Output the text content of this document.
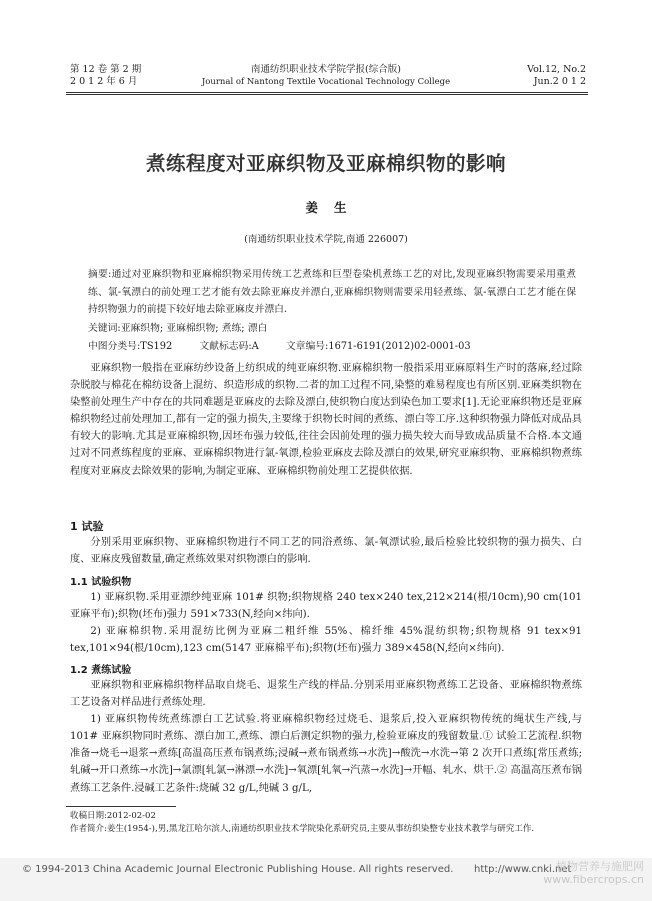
第 12 卷 第 2 期
2 0 1 2 年 6 月
南通纺织职业技术学院学报(综合版)
Journal of Nantong Textile Vocational Technology College
Vol.12, No.2
Jun.2 0 1 2
煮练程度对亚麻织物及亚麻棉织物的影响
姜生
(南通纺织职业技术学院,南通 226007)

摘要:通过对亚麻织物和亚麻棉织物采用传统工艺煮练和巨型卷染机煮练工艺的对比,发现亚麻织物需要采用重煮练、氯-氧漂白的前处理工艺才能有效去除亚麻皮并漂白,亚麻棉织物则需要采用轻煮练、氯-氧漂白工艺才能在保持织物强力的前提下较好地去除亚麻皮并漂白.

关键词:亚麻织物; 亚麻棉织物; 煮练; 漂白
中图分类号:TS192	文献标志码:A	文章编号:1671-6191(2012)02-0001-03

亚麻织物一般指在亚麻纺纱设备上纺织成的纯亚麻织物.亚麻棉织物一般指采用亚麻原料生产时的落麻,经过除杂脱胶与棉花在棉纺设备上混纺、织造形成的织物.二者的加工过程不同,染整的难易程度也有所区别.亚麻类织物在染整前处理生产中存在的共同难题是亚麻皮的去除及漂白,使织物白度达到染色加工要求[1].无论亚麻织物还是亚麻棉织物经过前处理加工,都有一定的强力损失,主要缘于织物长时间的煮练、漂白等工序.这种织物强力降低对成品具有较大的影响.尤其是亚麻棉织物,因坯布强力较低,往往会因前处理的强力损失较大而导致成品质量不合格.本文通过对不同煮练程度的亚麻、亚麻棉织物进行氯-氧漂,检验亚麻皮去除及漂白的效果,研究亚麻织物、亚麻棉织物煮练程度对亚麻皮去除效果的影响,为制定亚麻、亚麻棉织物前处理工艺提供依据.

1 试验

分别采用亚麻织物、亚麻棉织物进行不同工艺的同浴煮练、氯-氧漂试验,最后检验比较织物的强力损失、白度、亚麻皮残留数量,确定煮练效果对织物漂白的影响.

1.1 试验织物

1) 亚麻织物.采用亚漂纱纯亚麻 101# 织物;织物规格 240 tex×240 tex,212×214(根/10cm),90 cm(101 亚麻平布);织物(坯布)强力 591×733(N,经向×纬向).

2) 亚麻棉织物.采用混纺比例为亚麻二粗纤维 55%、棉纤维 45%混纺织物;织物规格 91 tex×91 tex,101×94(根/10cm),123 cm(5147 亚麻棉平布);织物(坯布)强力 389×458(N,经向×纬向).

1.2 煮练试验

亚麻织物和亚麻棉织物样品取自烧毛、退浆生产线的样品.分别采用亚麻织物煮练工艺设备、亚麻棉织物煮练工艺设备对样品进行煮练处理.

1) 亚麻织物传统煮练漂白工艺试验.将亚麻棉织物经过烧毛、退浆后,投入亚麻织物传统的绳状生产线,与 101# 亚麻织物同时煮练、漂白加工,煮练、漂白后测定织物的强力,检验亚麻皮的残留数量.① 试验工艺流程.织物准备→烧毛→退浆→煮练[高温高压煮布锅煮练;浸碱→煮布锅煮练→水洗]→酸洗→水洗→第 2 次开口煮练[常压煮练;轧碱→开口煮练→水洗]→氯漂[轧氯→淋漂→水洗]→氧漂[轧氧→汽蒸→水洗]→开幅、轧水、烘干.② 高温高压煮布锅煮练工艺条件.浸碱工艺条件:烧碱 32 g/L,纯碱 3 g/L,

收稿日期:2012-02-02
作者简介:姜生(1954-),男,黑龙江哈尔滨人,南通纺织职业技术学院染化系研究员,主要从事纺织染整专业技术教学与研究工作.
© 1994-2013 China Academic Journal Electronic Publishing House. All rights reserved. http://www.cnki.net
植物营养与施肥网
www.fibercrops.cn
